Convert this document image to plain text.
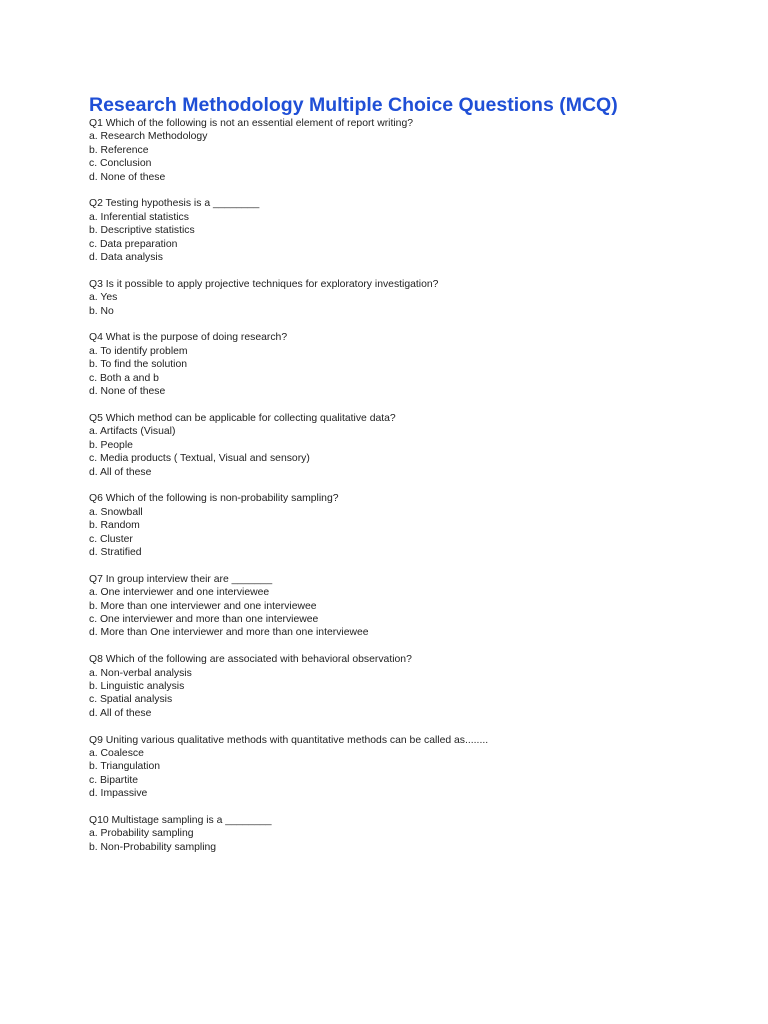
Research Methodology Multiple Choice Questions (MCQ)
Q1 Which of the following is not an essential element of report writing?
a. Research Methodology
b. Reference
c. Conclusion
d. None of these
Q2 Testing hypothesis is a ________
a. Inferential statistics
b. Descriptive statistics
c. Data preparation
d. Data analysis
Q3 Is it possible to apply projective techniques for exploratory investigation?
a. Yes
b. No
Q4 What is the purpose of doing research?
a. To identify problem
b. To find the solution
c. Both a and b
d. None of these
Q5 Which method can be applicable for collecting qualitative data?
a. Artifacts (Visual)
b. People
c. Media products ( Textual, Visual and sensory)
d. All of these
Q6 Which of the following is non-probability sampling?
a. Snowball
b. Random
c. Cluster
d. Stratified
Q7 In group interview their are _______
a. One interviewer and one interviewee
b. More than one interviewer and one interviewee
c. One interviewer and more than one interviewee
d. More than One interviewer and more than one interviewee
Q8 Which of the following are associated with behavioral observation?
a. Non-verbal analysis
b. Linguistic analysis
c. Spatial analysis
d. All of these
Q9 Uniting various qualitative methods with quantitative methods can be called as........
a. Coalesce
b. Triangulation
c. Bipartite
d. Impassive
Q10 Multistage sampling is a ________
a. Probability sampling
b. Non-Probability sampling
